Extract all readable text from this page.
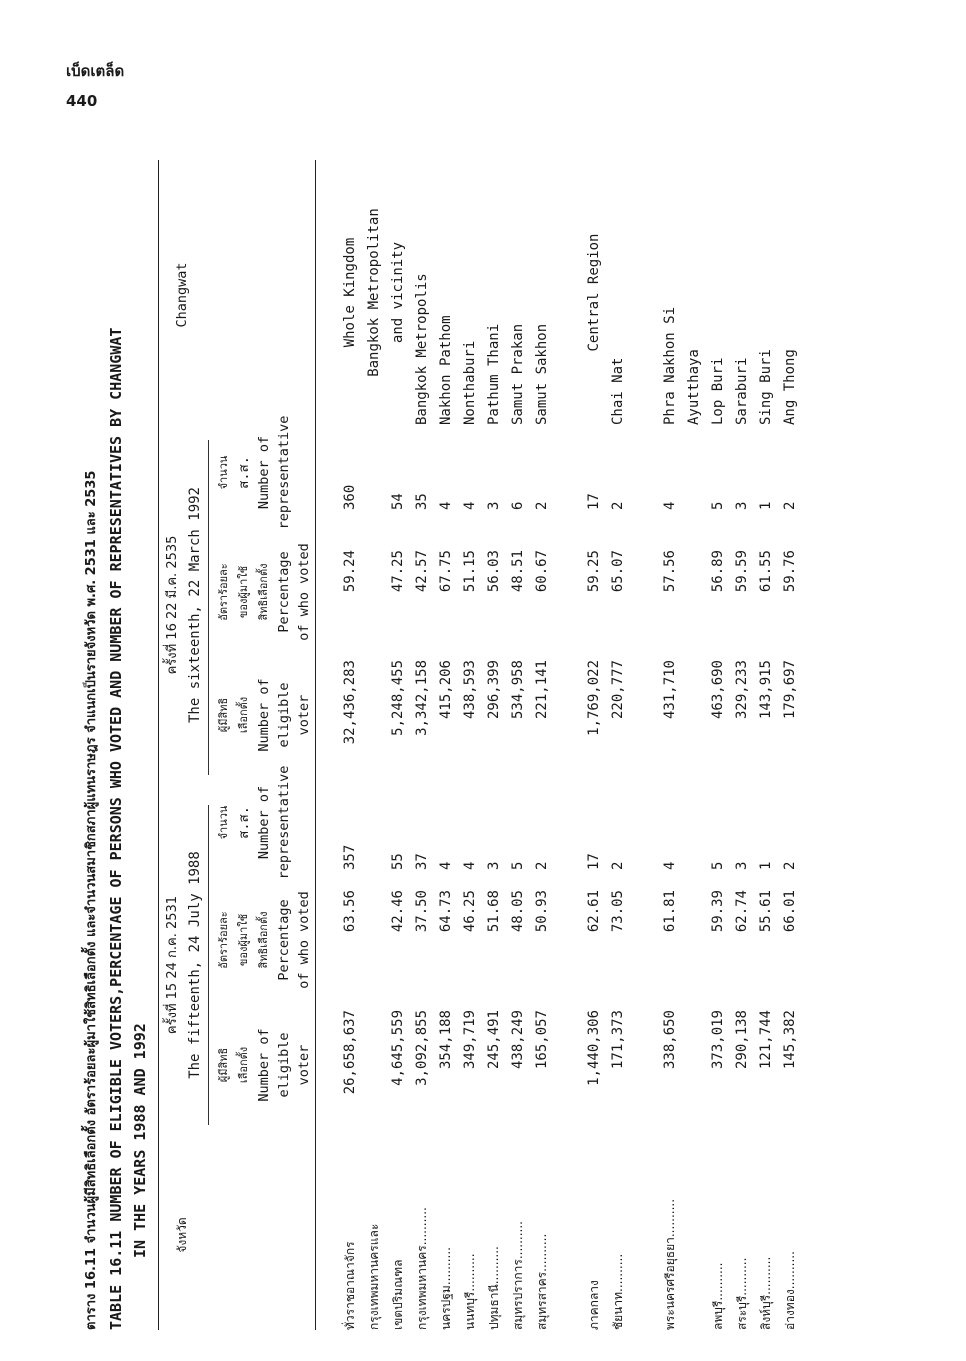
เบ็ดเตล็ด
440
ตาราง 16.11 จำนวนผู้มีสิทธิเลือกตั้ง อัตราร้อยละผู้มาใช้สิทธิเลือกตั้ง และจำนวนสมาชิกสภาผู้แทนราษฎร จำแนกเป็นรายจังหวัด พ.ศ. 2531 และ 2535 TABLE 16.11 NUMBER OF ELIGIBLE VOTERS,PERCENTAGE OF PERSONS WHO VOTED AND NUMBER OF REPRESENTATIVES BY CHANGWAT IN THE YEARS 1988 AND 1992
ครั้งที่ 15 24 ก.ค. 2531 The fifteenth, 24 July 1988
ครั้งที่ 16 22 มี.ค. 2535 The sixteenth, 22 March 1992
จังหวัด
Changwat
ผู้มีสิทธิ เลือกตั้ง Number of eligible voter
อัตราร้อยละ ของผู้มาใช้ สิทธิเลือกตั้ง Percentage of who voted
จำนวน ส.ส. Number of representative
ผู้มีสิทธิ เลือกตั้ง Number of eligible voter
อัตราร้อยละ ของผู้มาใช้ สิทธิเลือกตั้ง Percentage of who voted
จำนวน ส.ส. Number of representative
ทั่วราชอาณาจักร
26,658,637
63.56
357
32,436,283
59.24
360
Whole Kingdom
กรุงเทพมหานครและ
Bangkok Metropolitan
เขตปริมณฑล
4,645,559
42.46
55
5,248,455
47.25
54
and vicinity
กรุงเทพมหานคร..........
3,092,855
37.50
37
3,342,158
42.57
35
Bangkok Metropolis
นครปฐม..........
354,188
64.73
4
415,206
67.75
4
Nakhon Pathom
นนทบุรี..........
349,719
46.25
4
438,593
51.15
4
Nonthaburi
ปทุมธานี..........
245,491
51.68
3
296,399
56.03
3
Pathum Thani
สมุทรปราการ..........
438,249
48.05
5
534,958
48.51
6
Samut Prakan
สมุทรสาคร..........
165,057
50.93
2
221,141
60.67
2
Samut Sakhon
ภาคกลาง
1,440,306
62.61
17
1,769,022
59.25
17
Central Region
ชัยนาท..........
171,373
73.05
2
220,777
65.07
2
Chai Nat
พระนครศรีอยุธยา..........
338,650
61.81
4
431,710
57.56
4
Phra Nakhon Si Ayutthaya
ลพบุรี..........
373,019
59.39
5
463,690
56.89
5
Lop Buri
สระบุรี..........
290,138
62.74
3
329,233
59.59
3
Saraburi
สิงห์บุรี..........
121,744
55.61
1
143,915
61.55
1
Sing Buri
อ่างทอง..........
145,382
66.01
2
179,697
59.76
2
Ang Thong
